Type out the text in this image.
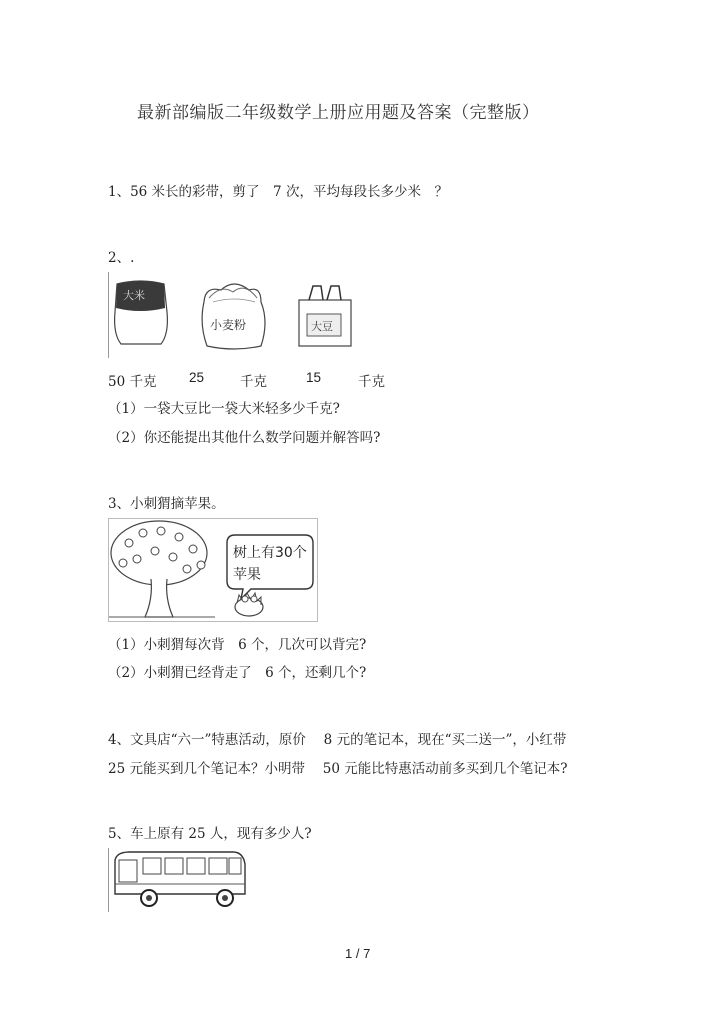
最新部编版二年级数学上册应用题及答案（完整版）
1、56 米长的彩带，剪了　7 次，平均每段长多少米　？
2、.
大米
小麦粉	大豆
50 千克 25	千克	15	千克
（1）一袋大豆比一袋大米轻多少千克?
（2）你还能提出其他什么数学问题并解答吗?
3、小刺猬摘苹果。
树上有30个
苹果
（1）小刺猬每次背　6 个，几次可以背完?
（2）小刺猬已经背走了　6 个，还剩几个?
4、文具店“六一”特惠活动，原价　 8 元的笔记本，现在“买二送一”，小红带
25 元能买到几个笔记本？小明带　 50 元能比特惠活动前多买到几个笔记本?
5、车上原有 25 人，现有多少人?
1 / 7
